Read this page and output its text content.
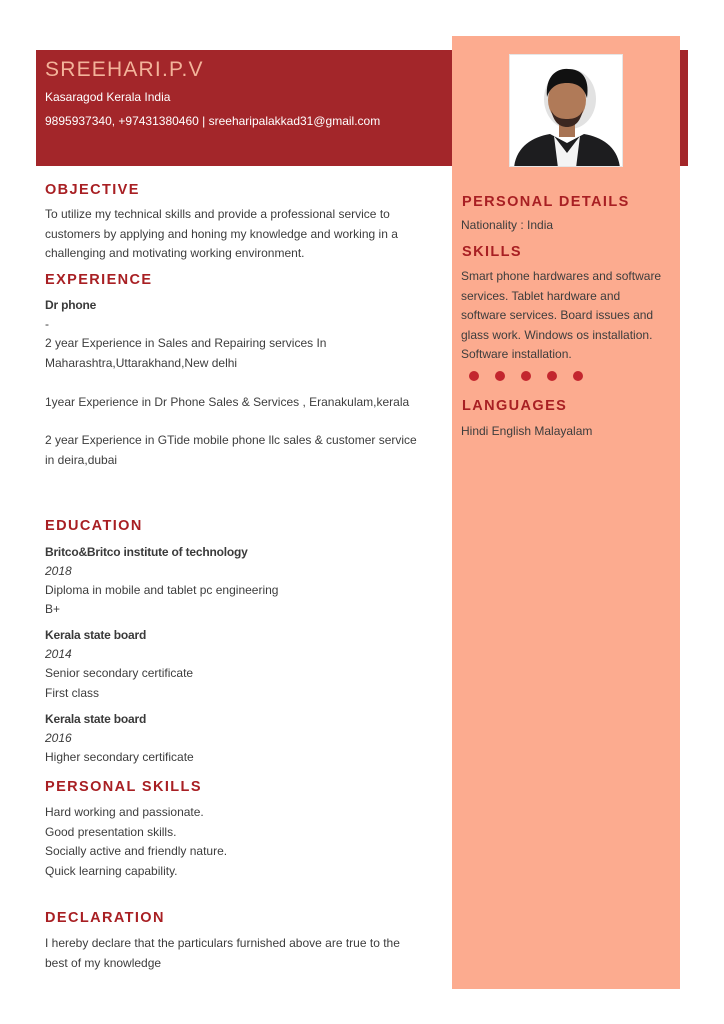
SREEHARI.P.V
Kasaragod Kerala India
9895937340, +97431380460 | sreeharipalakkad31@gmail.com
OBJECTIVE
To utilize my technical skills and provide a professional service to
customers by applying and honing my knowledge and working in a
challenging and motivating working environment.
EXPERIENCE
Dr phone
-
2 year Experience in Sales and Repairing services In
Maharashtra,Uttarakhand,New delhi
1year Experience in Dr Phone Sales & Services , Eranakulam,kerala
2 year Experience in GTide mobile phone llc sales & customer service
in deira,dubai
EDUCATION
Britco&Britco institute of technology
2018
Diploma in mobile and tablet pc engineering
B+
Kerala state board
2014
Senior secondary certificate
First class
Kerala state board
2016
Higher secondary certificate
PERSONAL SKILLS
Hard working and passionate.
Good presentation skills.
Socially active and friendly nature.
Quick learning capability.
DECLARATION
I hereby declare that the particulars furnished above are true to the
best of my knowledge
PERSONAL DETAILS
Nationality : India
SKILLS
Smart phone hardwares and software
services. Tablet hardware and
software services. Board issues and
glass work. Windows os installation.
Software installation.
LANGUAGES
Hindi English Malayalam
